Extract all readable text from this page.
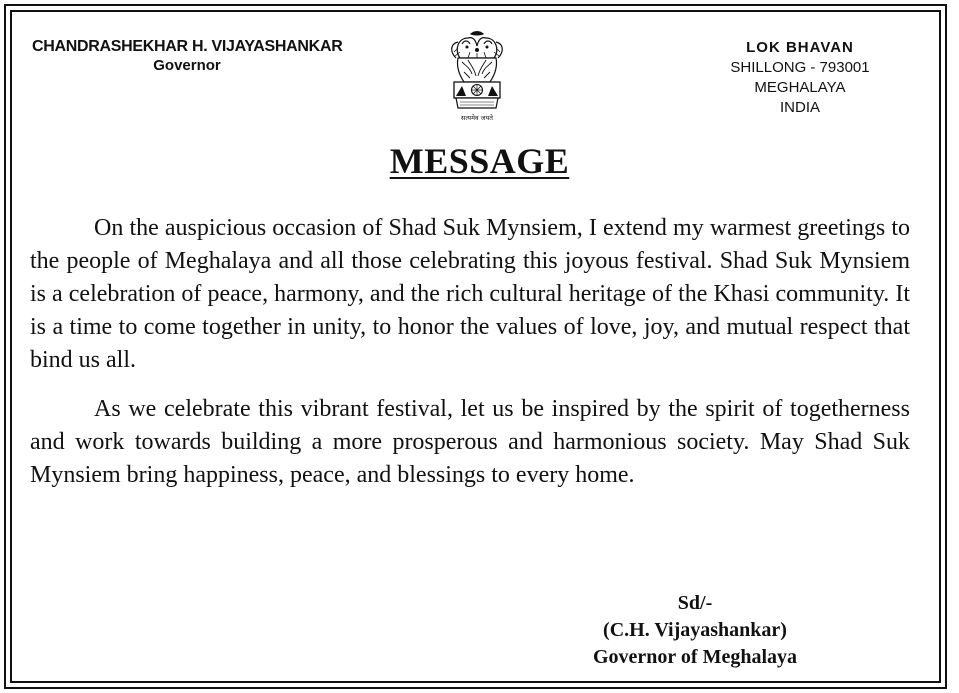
CHANDRASHEKHAR H. VIJAYASHANKAR
Governor
सत्यमेव जयते
LOK BHAVAN
SHILLONG - 793001
MEGHALAYA
INDIA
MESSAGE

On the auspicious occasion of Shad Suk Mynsiem, I extend my warmest greetings to the people of Meghalaya and all those celebrating this joyous festival. Shad Suk Mynsiem is a celebration of peace, harmony, and the rich cultural heritage of the Khasi community. It is a time to come together in unity, to honor the values of love, joy, and mutual respect that bind us all.

As we celebrate this vibrant festival, let us be inspired by the spirit of togetherness and work towards building a more prosperous and harmonious society. May Shad Suk Mynsiem bring happiness, peace, and blessings to every home.

Sd/-
(C.H. Vijayashankar)
Governor of Meghalaya
